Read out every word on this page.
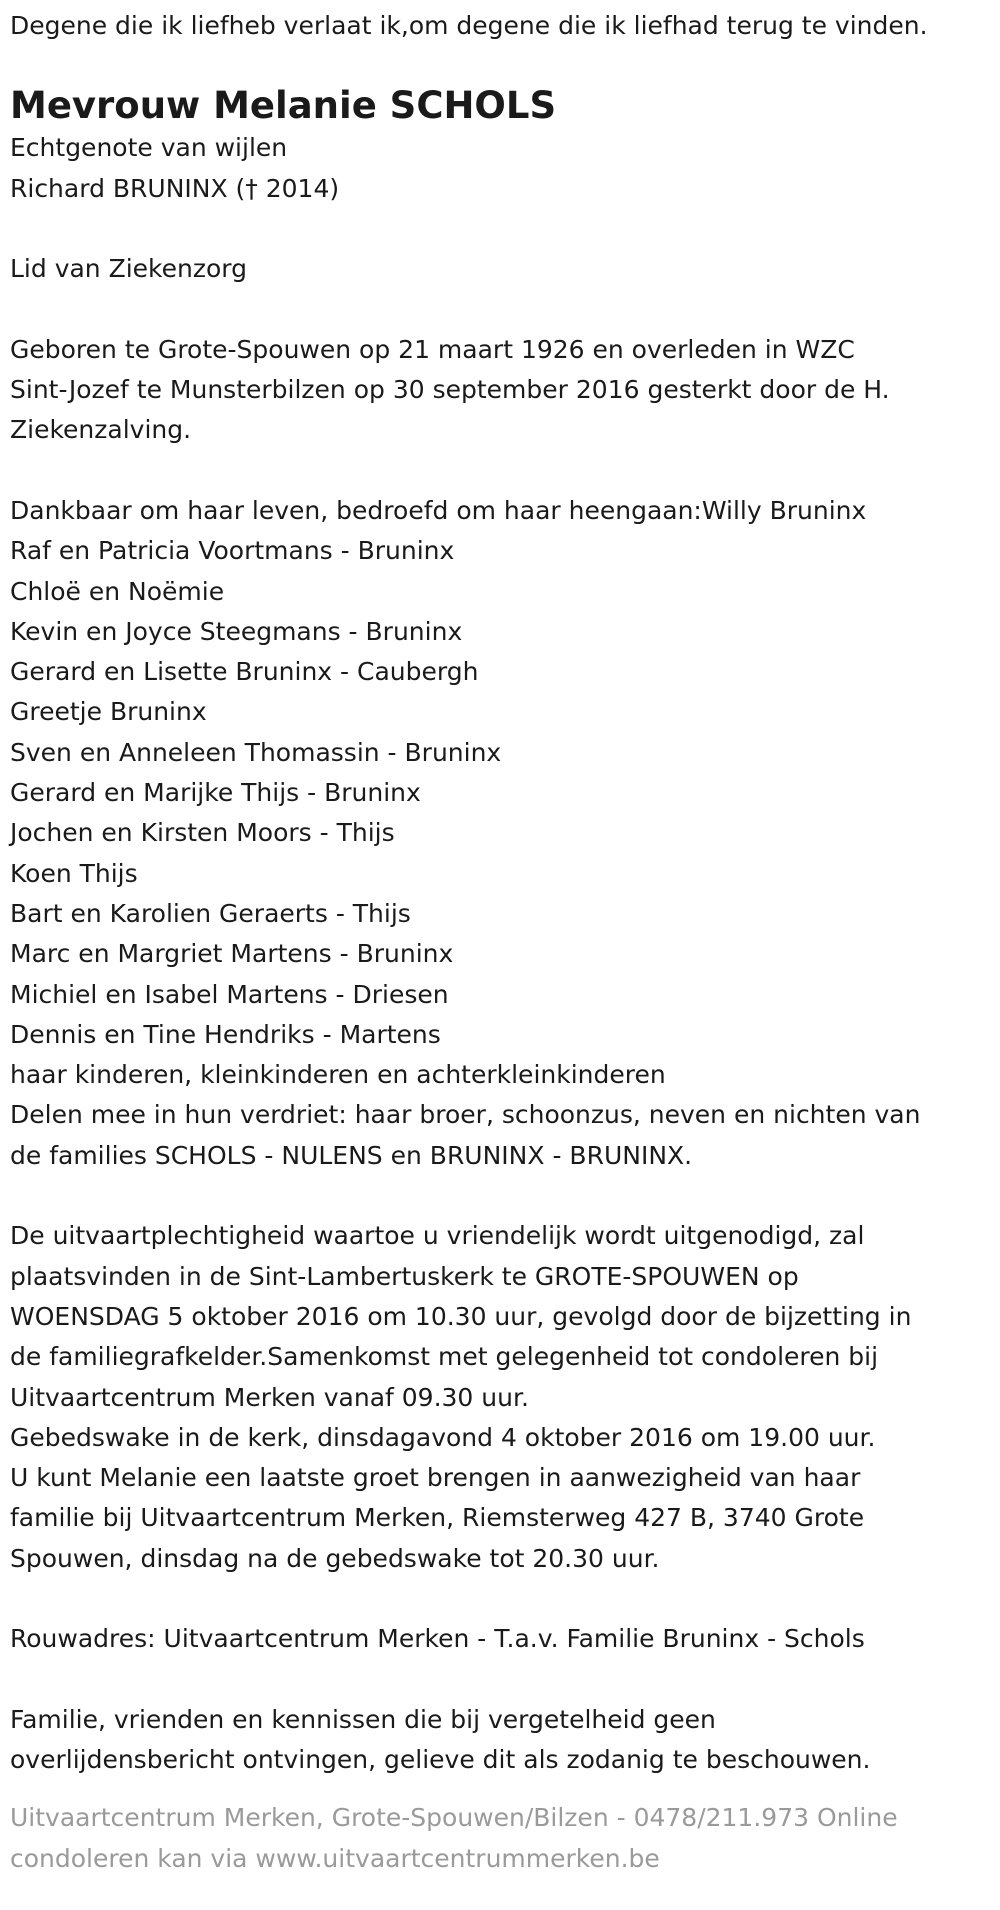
Degene die ik liefheb verlaat ik,om degene die ik liefhad terug te vinden.

Mevrouw Melanie SCHOLS

Echtgenote van wijlen

Richard BRUNINX († 2014)

Lid van Ziekenzorg

Geboren te Grote-Spouwen op 21 maart 1926 en overleden in WZC

Sint-Jozef te Munsterbilzen op 30 september 2016 gesterkt door de H.

Ziekenzalving.

Dankbaar om haar leven, bedroefd om haar heengaan:Willy Bruninx

Raf en Patricia Voortmans - Bruninx

Chloë en Noëmie

Kevin en Joyce Steegmans - Bruninx

Gerard en Lisette Bruninx - Caubergh

Greetje Bruninx

Sven en Anneleen Thomassin - Bruninx

Gerard en Marijke Thijs - Bruninx

Jochen en Kirsten Moors - Thijs

Koen Thijs

Bart en Karolien Geraerts - Thijs

Marc en Margriet Martens - Bruninx

Michiel en Isabel Martens - Driesen

Dennis en Tine Hendriks - Martens

haar kinderen, kleinkinderen en achterkleinkinderen

Delen mee in hun verdriet: haar broer, schoonzus, neven en nichten van

de families SCHOLS - NULENS en BRUNINX - BRUNINX.

De uitvaartplechtigheid waartoe u vriendelijk wordt uitgenodigd, zal

plaatsvinden in de Sint-Lambertuskerk te GROTE-SPOUWEN op

WOENSDAG 5 oktober 2016 om 10.30 uur, gevolgd door de bijzetting in

de familiegrafkelder.Samenkomst met gelegenheid tot condoleren bij

Uitvaartcentrum Merken vanaf 09.30 uur.

Gebedswake in de kerk, dinsdagavond 4 oktober 2016 om 19.00 uur.

U kunt Melanie een laatste groet brengen in aanwezigheid van haar

familie bij Uitvaartcentrum Merken, Riemsterweg 427 B, 3740 Grote

Spouwen, dinsdag na de gebedswake tot 20.30 uur.

Rouwadres: Uitvaartcentrum Merken - T.a.v. Familie Bruninx - Schols

Familie, vrienden en kennissen die bij vergetelheid geen

overlijdensbericht ontvingen, gelieve dit als zodanig te beschouwen.

Uitvaartcentrum Merken, Grote-Spouwen/Bilzen - 0478/211.973 Online

condoleren kan via www.uitvaartcentrummerken.be
